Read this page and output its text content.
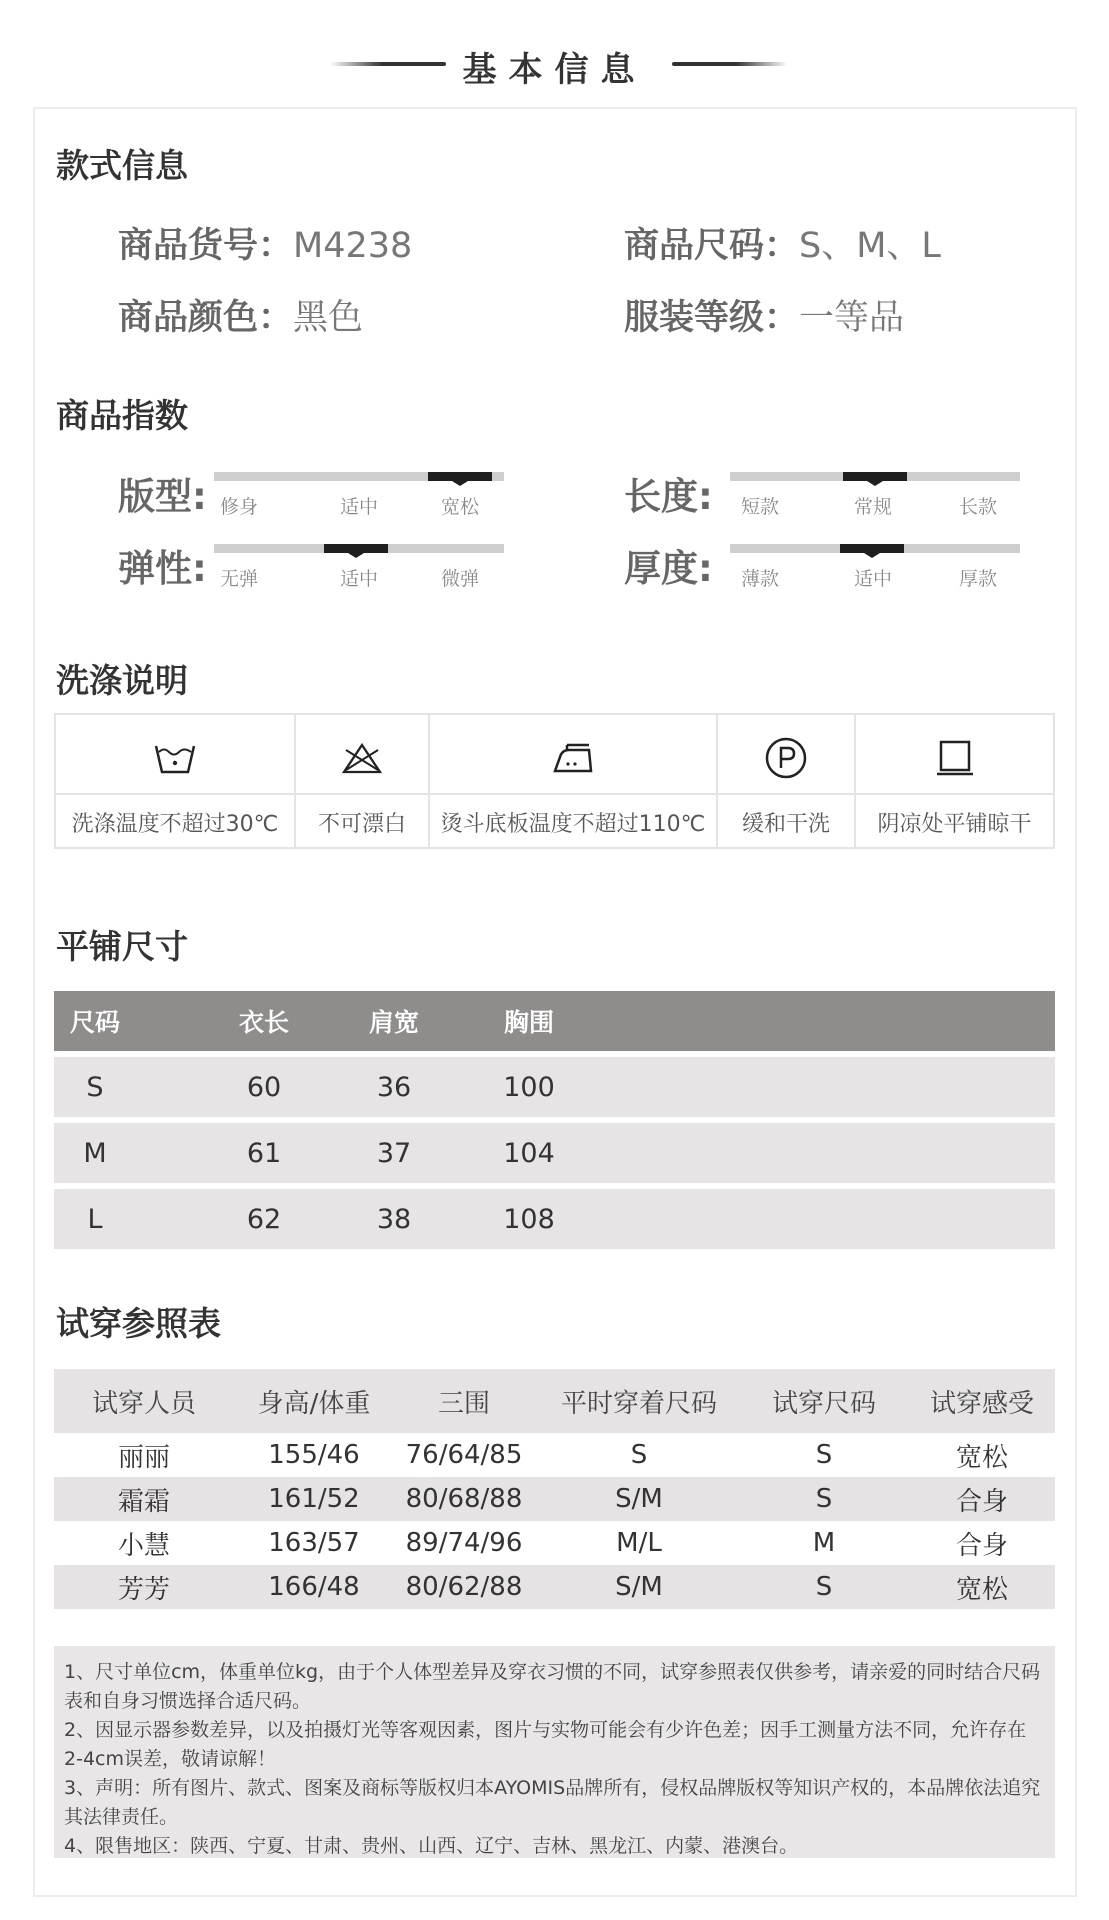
基本信息
款式信息
商品货号：M4238	商品尺码：S、M、L
商品颜色：黑色	服装等级：一等品
商品指数
版型: 修身	适中	宽松	长度:	短款	常规	长款
弹性: 无弹	适中	微弹	厚度:	薄款	适中	厚款
洗涤说明
洗涤温度不超过30℃	不可漂白	烫斗底板温度不超过110℃	缓和干洗	阴凉处平铺晾干
平铺尺寸
尺码	衣长	肩宽	胸围
S	60	36	100
M	61	37	104
L	62	38	108
试穿参照表
试穿人员	身高/体重	三围	平时穿着尺码	试穿尺码	试穿感受
丽丽	155/46	76/64/85	S	S	宽松
霜霜	161/52	80/68/88	S/M	S	合身
小慧	163/57	89/74/96	M/L	M	合身
芳芳	166/48	80/62/88	S/M	S	宽松

1、尺寸单位cm，体重单位kg，由于个人体型差异及穿衣习惯的不同，试穿参照表仅供参考，请亲爱的同时结合尺码表和自身习惯选择合适尺码。

2、因显示器参数差异，以及拍摄灯光等客观因素，图片与实物可能会有少许色差；因手工测量方法不同，允许存在2-4cm误差，敬请谅解！

3、声明：所有图片、款式、图案及商标等版权归本AYOMIS品牌所有，侵权品牌版权等知识产权的，本品牌依法追究其法律责任。

4、限售地区：陕西、宁夏、甘肃、贵州、山西、辽宁、吉林、黑龙江、内蒙、港澳台。
